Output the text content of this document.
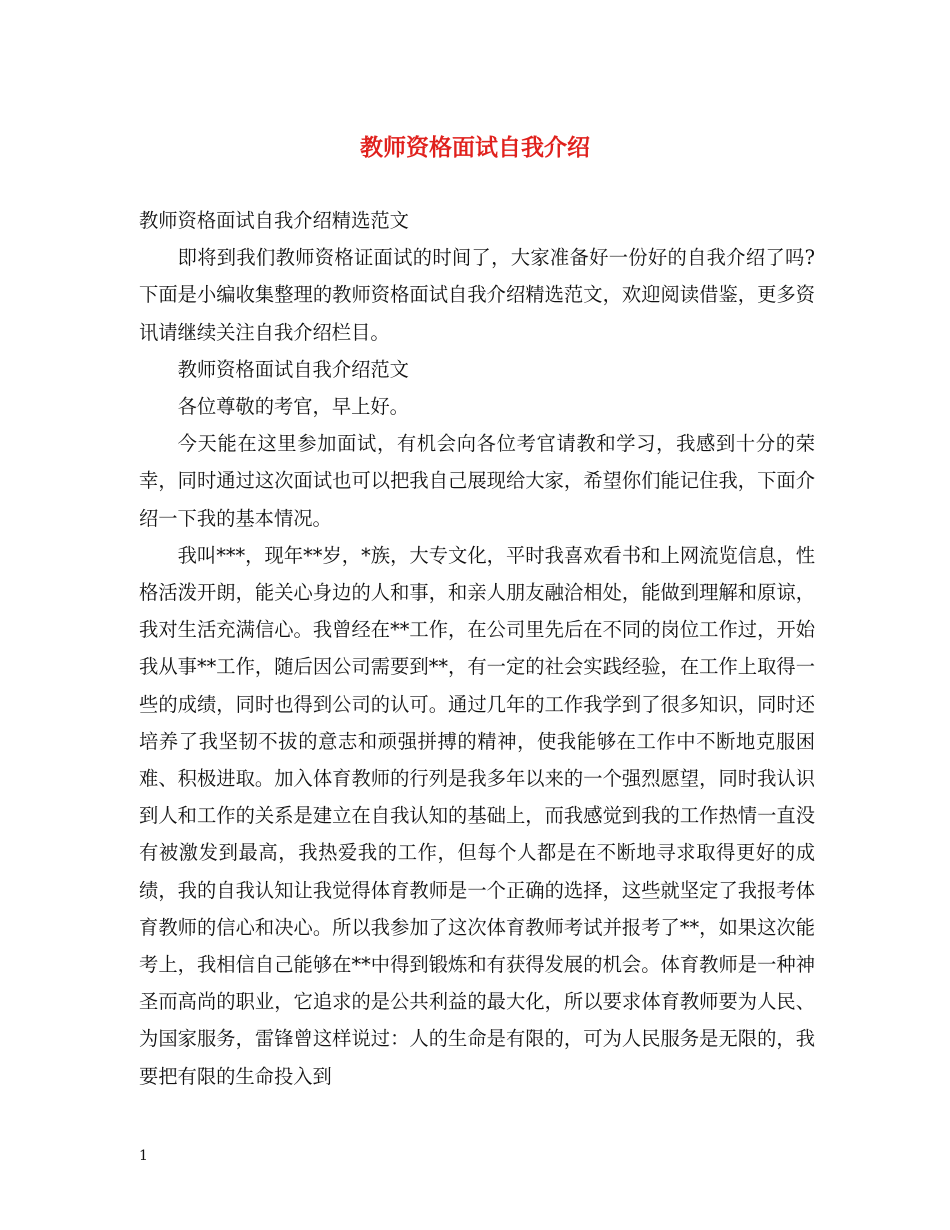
教师资格面试自我介绍

教师资格面试自我介绍精选范文

即将到我们教师资格证面试的时间了，大家准备好一份好的自我介绍了吗?下面是小编收集整理的教师资格面试自我介绍精选范文，欢迎阅读借鉴，更多资讯请继续关注自我介绍栏目。

教师资格面试自我介绍范文

各位尊敬的考官，早上好。

今天能在这里参加面试，有机会向各位考官请教和学习，我感到十分的荣幸，同时通过这次面试也可以把我自己展现给大家，希望你们能记住我，下面介绍一下我的基本情况。

我叫***，现年**岁，*族，大专文化，平时我喜欢看书和上网流览信息，性格活泼开朗，能关心身边的人和事，和亲人朋友融洽相处，能做到理解和原谅，我对生活充满信心。我曾经在**工作，在公司里先后在不同的岗位工作过，开始我从事**工作，随后因公司需要到**，有一定的社会实践经验，在工作上取得一些的成绩，同时也得到公司的认可。通过几年的工作我学到了很多知识，同时还培养了我坚韧不拔的意志和顽强拼搏的精神，使我能够在工作中不断地克服困难、积极进取。加入体育教师的行列是我多年以来的一个强烈愿望，同时我认识到人和工作的关系是建立在自我认知的基础上，而我感觉到我的工作热情一直没有被激发到最高，我热爱我的工作，但每个人都是在不断地寻求取得更好的成绩，我的自我认知让我觉得体育教师是一个正确的选择，这些就坚定了我报考体育教师的信心和决心。所以我参加了这次体育教师考试并报考了**，如果这次能考上，我相信自己能够在**中得到锻炼和有获得发展的机会。体育教师是一种神圣而高尚的职业，它追求的是公共利益的最大化，所以要求体育教师要为人民、为国家服务，雷锋曾这样说过：人的生命是有限的，可为人民服务是无限的，我要把有限的生命投入到

1
